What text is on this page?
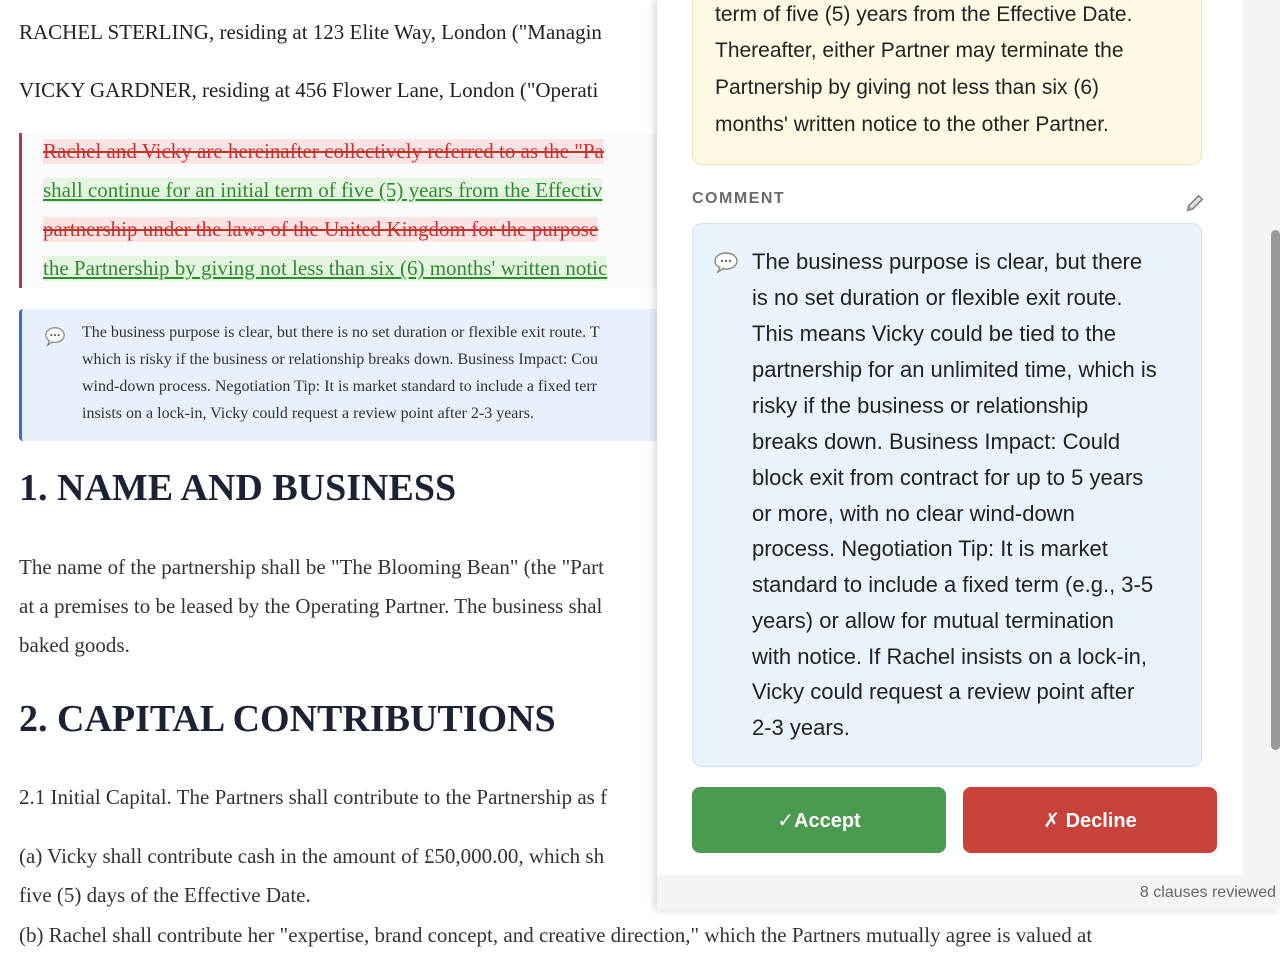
RACHEL STERLING, residing at 123 Elite Way, London ("Managin

VICKY GARDNER, residing at 456 Flower Lane, London ("Operati

Rachel and Vicky are hereinafter collectively referred to as the "Pa
shall continue for an initial term of five (5) years from the Effectiv
partnership under the laws of the United Kingdom for the purpose
the Partnership by giving not less than six (6) months' written notic
The business purpose is clear, but there is no set duration or flexible exit route. T
which is risky if the business or relationship breaks down. Business Impact: Cou
wind-down process. Negotiation Tip: It is market standard to include a fixed terr
insists on a lock-in, Vicky could request a review point after 2-3 years.

1. NAME AND BUSINESS

The name of the partnership shall be "The Blooming Bean" (the "Part

at a premises to be leased by the Operating Partner. The business shal

baked goods.

2. CAPITAL CONTRIBUTIONS

2.1 Initial Capital. The Partners shall contribute to the Partnership as f

(a) Vicky shall contribute cash in the amount of £50,000.00, which sh

five (5) days of the Effective Date.

(b) Rachel shall contribute her "expertise, brand concept, and creative direction," which the Partners mutually agree is valued at

term of five (5) years from the Effective Date.

Thereafter, either Partner may terminate the

Partnership by giving not less than six (6)

months' written notice to the other Partner.

COMMENT

The business purpose is clear, but there

is no set duration or flexible exit route.

This means Vicky could be tied to the

partnership for an unlimited time, which is

risky if the business or relationship

breaks down. Business Impact: Could

block exit from contract for up to 5 years

or more, with no clear wind-down

process. Negotiation Tip: It is market

standard to include a fixed term (e.g., 3-5

years) or allow for mutual termination

with notice. If Rachel insists on a lock-in,

Vicky could request a review point after

2-3 years.

✓Accept	✗ Decline
8 clauses reviewed
